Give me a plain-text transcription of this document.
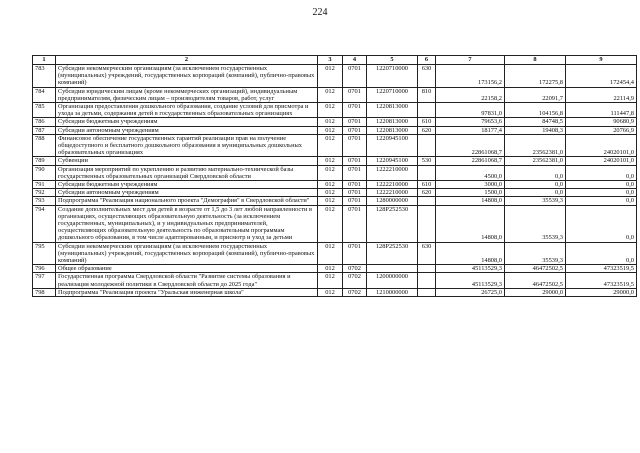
224
1	2	3	4	5	6	7	8	9
783	Субсидии некоммерческим организациям (за исключением государственных (муниципальных) учреждений, государственных корпораций (компаний), публично-правовых компаний)	012	0701	1220710000	630	173156,2	172275,8	172454,4
784	Субсидии юридическим лицам (кроме некоммерческих организаций), индивидуальным предпринимателям, физическим лицам – производителям товаров, работ, услуг	012	0701	1220710000	810	22158,2	22091,7	22114,9
785	Организация предоставления дошкольного образования, создание условий для присмотра и ухода за детьми, содержания детей в государственных образовательных организациях	012	0701	1220813000		97831,0	104156,8	111447,8
786	Субсидии бюджетным учреждениям	012	0701	1220813000	610	79653,6	84748,5	90680,9
787	Субсидии автономным учреждениям	012	0701	1220813000	620	18177,4	19408,3	20766,9
788	Финансовое обеспечение государственных гарантий реализации прав на получение общедоступного и бесплатного дошкольного образования в муниципальных дошкольных образовательных организациях	012	0701	1220945100		22861068,7	23562381,0	24020101,0
789	Субвенции	012	0701	1220945100	530	22861068,7	23562381,0	24020101,0
790	Организация мероприятий по укреплению и развитию материально-технической базы государственных образовательных организаций Свердловской области	012	0701	1222210000		4500,0	0,0	0,0
791	Субсидии бюджетным учреждениям	012	0701	1222210000	610	3000,0	0,0	0,0
792	Субсидии автономным учреждениям	012	0701	1222210000	620	1500,0	0,0	0,0
793	Подпрограмма "Реализация национального проекта "Демография" в Свердловской области"	012	0701	1280000000		14808,0	35539,3	0,0
794	Создание дополнительных мест для детей в возрасте от 1,5 до 3 лет любой направленности в организациях, осуществляющих образовательную деятельность (за исключением государственных, муниципальных), и у индивидуальных предпринимателей, осуществляющих образовательную деятельность по образовательным программам дошкольного образования, в том числе адаптированным, и присмотр и уход за детьми	012	0701	128P252530		14808,0	35539,3	0,0
795	Субсидии некоммерческим организациям (за исключением государственных (муниципальных) учреждений, государственных корпораций (компаний), публично-правовых компаний)	012	0701	128P252530	630	14808,0	35539,3	0,0
796	Общее образование	012	0702			45113529,3	46472502,5	47323519,5
797	Государственная программа Свердловской области "Развитие системы образования и реализация молодежной политики в Свердловской области до 2025 года"	012	0702	1200000000		45113529,3	46472502,5	47323519,5
798	Подпрограмма "Реализация проекта "Уральская инженерная школа"	012	0702	1210000000		26725,0	29000,0	29000,0
